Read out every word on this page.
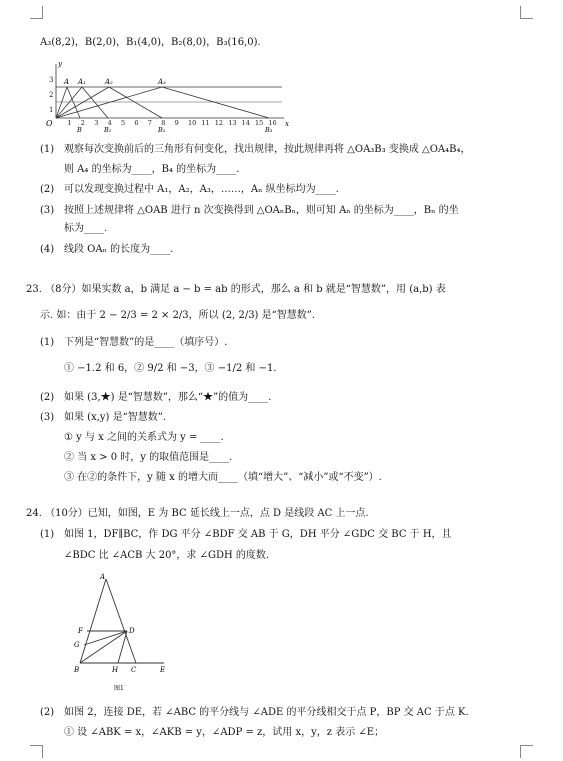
A₃(8,2)，B(2,0)，B₁(4,0)，B₂(8,0)，B₃(16,0).
1
2
3
1 2 3 4 5 6 7 8 9 10 11 12 13 14 15 16
O	x
y
A A₁	A₂	A₃
B	B₁	B₂	B₃
(1) 观察每次变换前后的三角形有何变化，找出规律，按此规律再将 △OA₃B₃ 变换成 △OA₄B₄，
则 A₄ 的坐标为____，B₄ 的坐标为____.
(2) 可以发现变换过程中 A₁，A₂，A₃，……，Aₙ 纵坐标均为____.
(3) 按照上述规律将 △OAB 进行 n 次变换得到 △OAₙBₙ，则可知 Aₙ 的坐标为____，Bₙ 的坐
标为____.
(4) 线段 OAₙ 的长度为____.
23. （8分）如果实数 a，b 满足 a − b = ab 的形式，那么 a 和 b 就是“智慧数”，用 (a,b) 表
示. 如：由于 2 − 2/3 = 2 × 2/3，所以 (2, 2/3) 是“智慧数”.
(1) 下列是“智慧数”的是____（填序号）.
① −1.2 和 6，② 9/2 和 −3，③ −1/2 和 −1.
(2) 如果 (3,★) 是“智慧数”，那么“★”的值为____.
(3) 如果 (x,y) 是“智慧数”.
① y 与 x 之间的关系式为 y = ____.
② 当 x > 0 时，y 的取值范围是____.
③ 在②的条件下，y 随 x 的增大而____（填“增大”、“减小”或“不变”）.
24. （10分）已知，如图，E 为 BC 延长线上一点，点 D 是线段 AC 上一点.
(1) 如图 1，DF∥BC，作 DG 平分 ∠BDF 交 AB 于 G，DH 平分 ∠GDC 交 BC 于 H，且
∠BDC 比 ∠ACB 大 20°，求 ∠GDH 的度数.
A
F
G
D
B	H C	E
图1
(2) 如图 2，连接 DE，若 ∠ABC 的平分线与 ∠ADE 的平分线相交于点 P，BP 交 AC 于点 K.
① 设 ∠ABK = x，∠AKB = y，∠ADP = z，试用 x，y，z 表示 ∠E；
